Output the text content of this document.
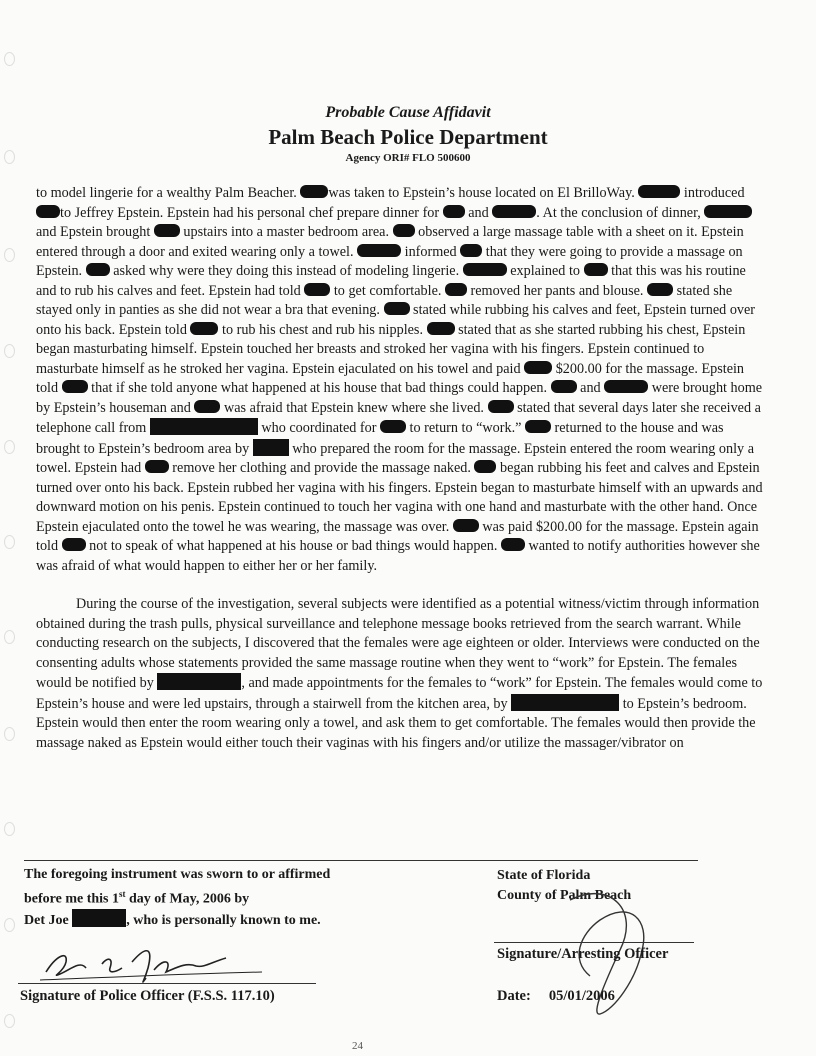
Probable Cause Affidavit
Palm Beach Police Department
Agency ORI# FLO 500600

to model lingerie for a wealthy Palm Beacher. was taken to Epstein’s house located on El BrilloWay.	introduced to Jeffrey Epstein. Epstein had his personal chef prepare dinner for  and	. At the conclusion of dinner,  and Epstein brought  upstairs into a master bedroom area.  observed a large massage table with a sheet on it. Epstein entered through a door and exited wearing only a towel.	informed  that they were going to provide a massage on Epstein.  asked why were they doing this instead of modeling lingerie.	explained to  that this was his routine and to rub his calves and feet. Epstein had told  to get comfortable.  removed her pants and blouse.  stated she stayed only in panties as she did not wear a bra that evening.  stated while rubbing his calves and feet, Epstein turned over onto his back. Epstein told  to rub his chest and rub his nipples.  stated that as she started rubbing his chest, Epstein began masturbating himself. Epstein touched her breasts and stroked her vagina with his fingers. Epstein continued to masturbate himself as he stroked her vagina. Epstein ejaculated on his towel and paid  $200.00 for the massage. Epstein told  that if she told anyone what happened at his house that bad things could happen.  and	were brought home by Epstein’s houseman and  was afraid that Epstein knew where she lived.  stated that several days later she received a telephone call from	who coordinated for  to return to “work.”  returned to the house and was brought to Epstein’s bedroom area by	who prepared the room for the massage. Epstein entered the room wearing only a towel. Epstein had  remove her clothing and provide the massage naked.  began rubbing his feet and calves and Epstein turned over onto his back. Epstein rubbed her vagina with his fingers. Epstein began to masturbate himself with an upwards and downward motion on his penis. Epstein continued to touch her vagina with one hand and masturbate with the other hand. Once Epstein ejaculated onto the towel he was wearing, the massage was over.  was paid $200.00 for the massage. Epstein again told  not to speak of what happened at his house or bad things would happen.  wanted to notify authorities however she was afraid of what would happen to either her or her family.

During the course of the investigation, several subjects were identified as a potential witness/victim through information obtained during the trash pulls, physical surveillance and telephone message books retrieved from the search warrant. While conducting research on the subjects, I discovered that the females were age eighteen or older. Interviews were conducted on the consenting adults whose statements provided the same massage routine when they went to “work” for Epstein. The females would be notified by	, and made appointments for the females to “work” for Epstein. The females would come to Epstein’s house and were led upstairs, through a stairwell from the kitchen area, by	to Epstein’s bedroom. Epstein would then enter the room wearing only a towel, and ask them to get comfortable. The females would then provide the massage naked as Epstein would either touch their vaginas with his fingers and/or utilize the massager/vibrator on

The foregoing instrument was sworn to or affirmed
before me this 1st day of May, 2006 by
Det Joe	, who is personally known to me.
Signature of Police Officer (F.S.S. 117.10)
State of Florida
County of Palm Beach
Signature/Arresting Officer
Date: 05/01/2006
24
